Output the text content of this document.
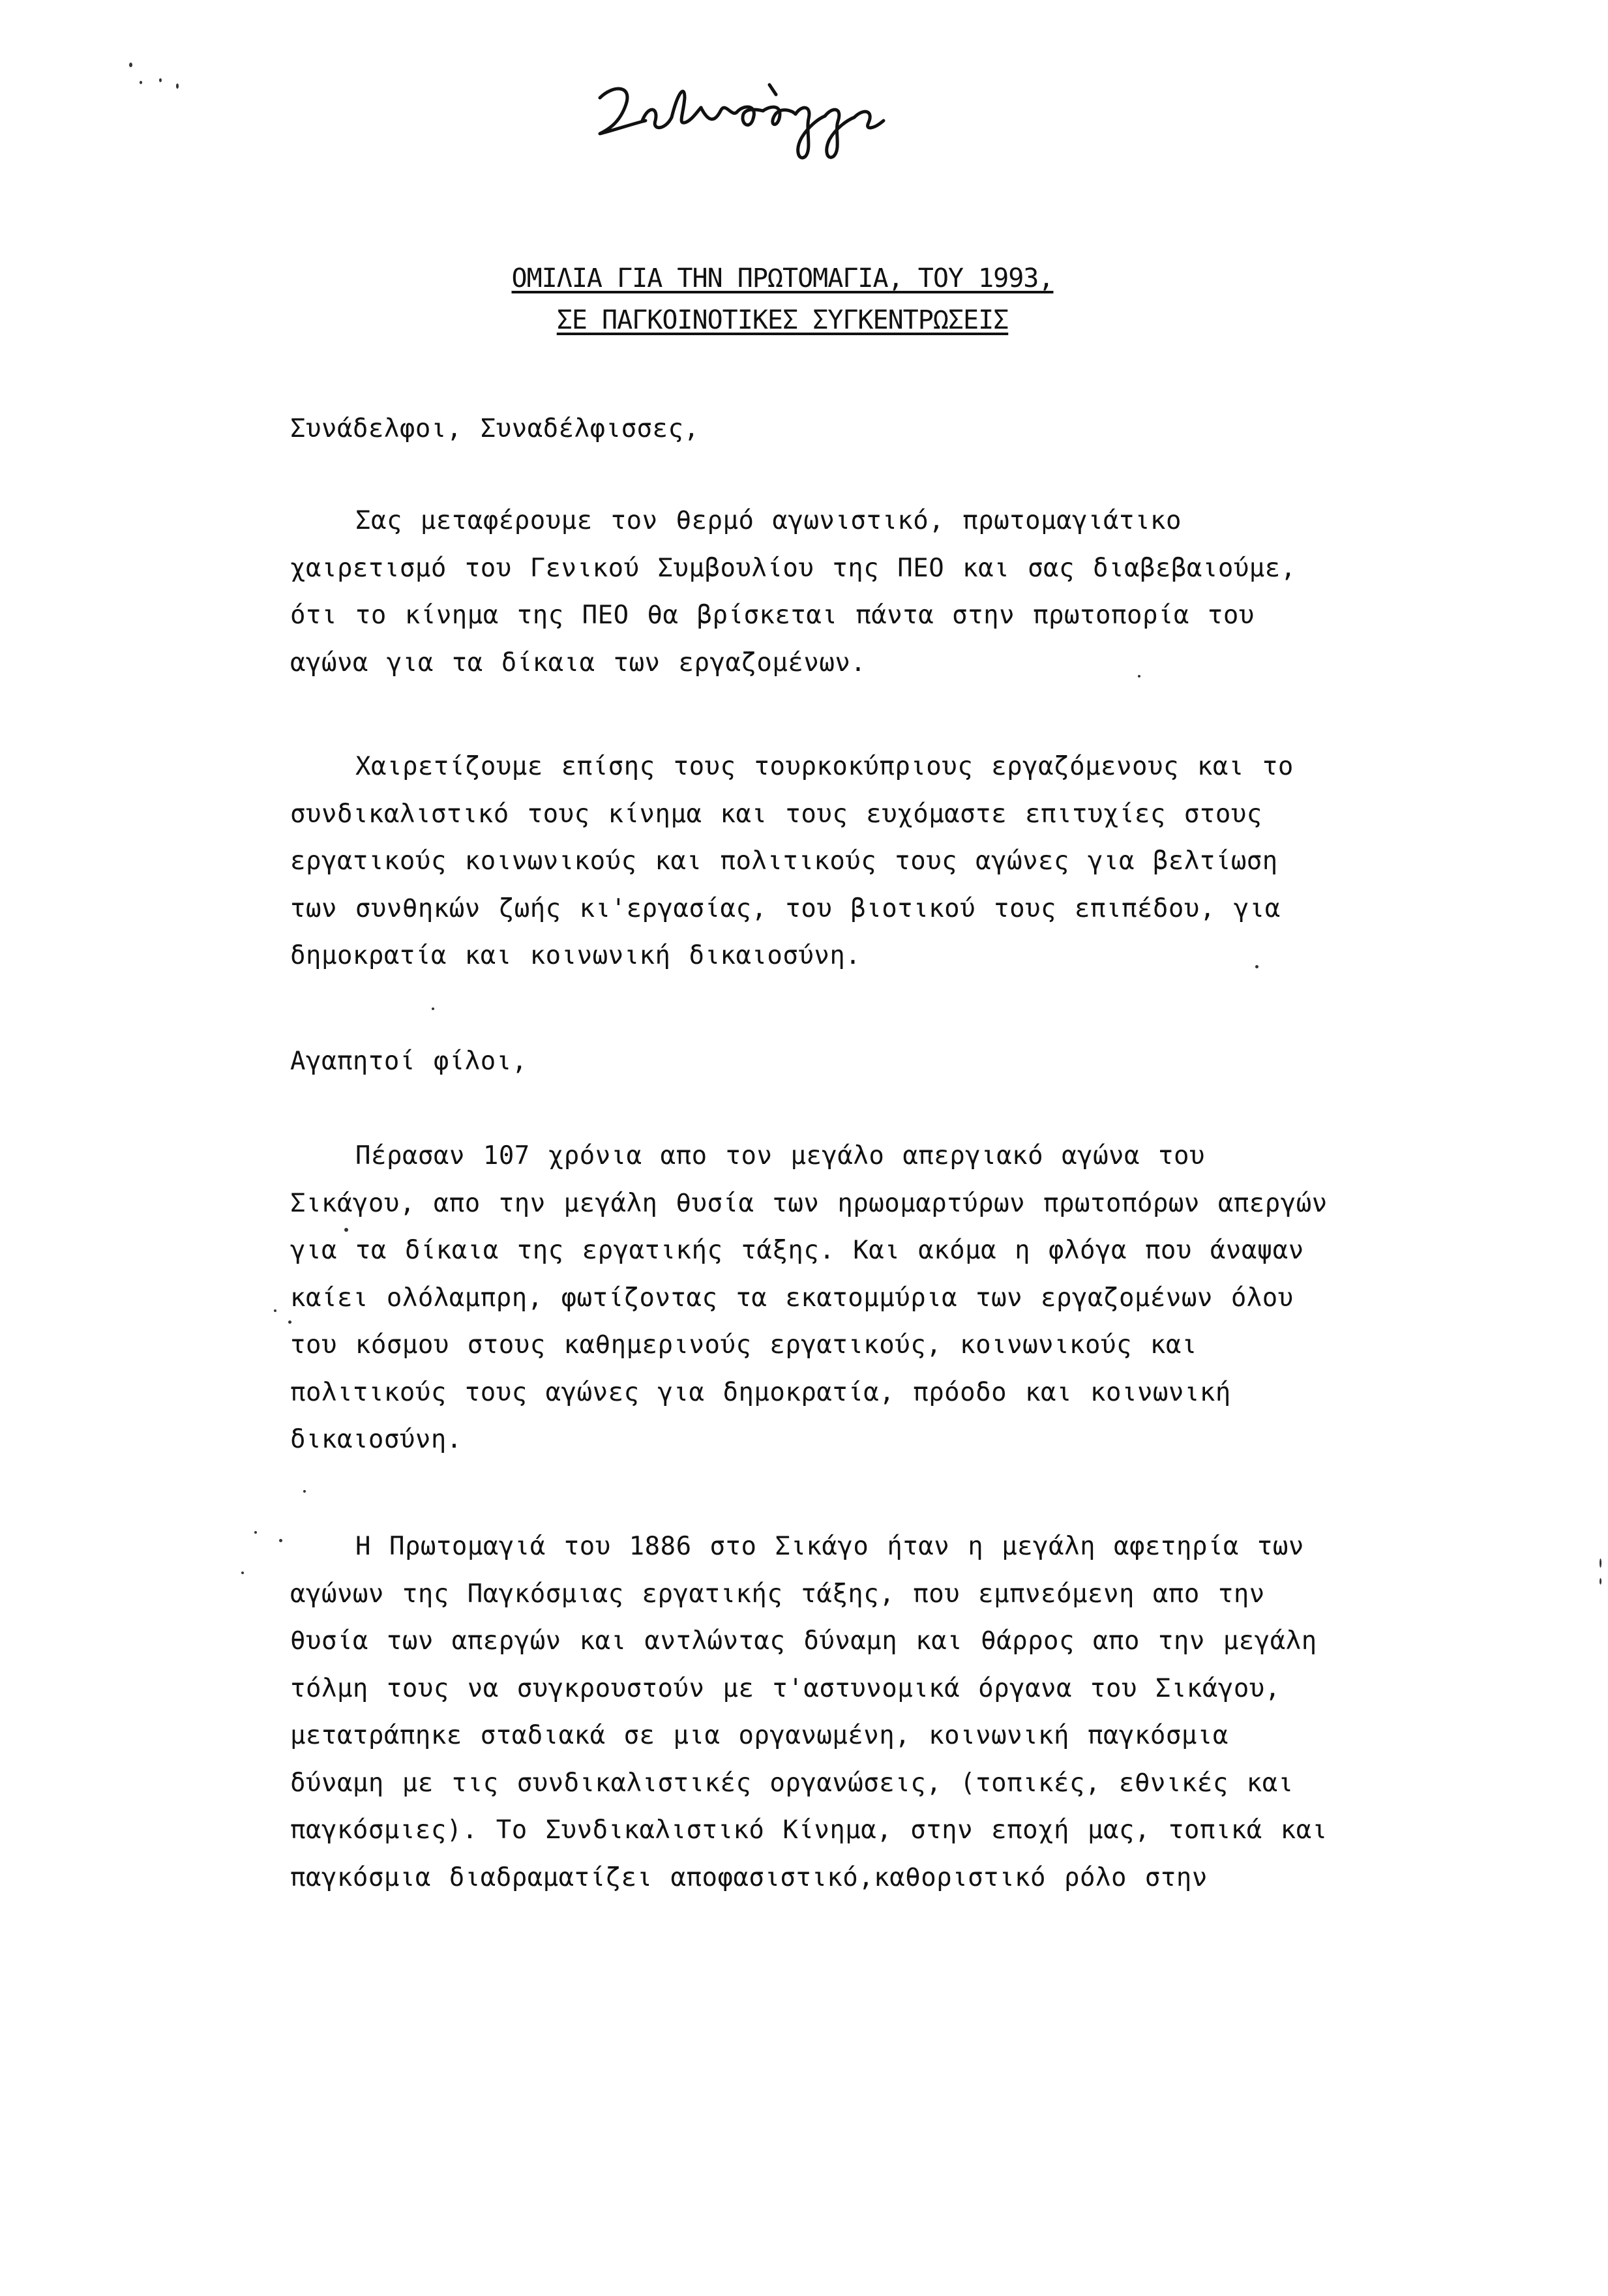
ΟΜΙΛΙΑ ΓΙΑ ΤΗΝ ΠΡΩΤΟΜΑΓΙΑ, ΤΟΥ 1993,
ΣΕ ΠΑΓΚΟΙΝΟΤΙΚΕΣ ΣΥΓΚΕΝΤΡΩΣΕΙΣ
Συνάδελφοι, Συναδέλφισσες,
Σας μεταφέρουμε τον θερμό αγωνιστικό, πρωτομαγιάτικο
χαιρετισμό του Γενικού Συμβουλίου της ΠΕΟ και σας διαβεβαιούμε,
ότι το κίνημα της ΠΕΟ θα βρίσκεται πάντα στην πρωτοπορία του
αγώνα για τα δίκαια των εργαζομένων.
Χαιρετίζουμε επίσης τους τουρκοκύπριους εργαζόμενους και το
συνδικαλιστικό τους κίνημα και τους ευχόμαστε επιτυχίες στους
εργατικούς κοινωνικούς και πολιτικούς τους αγώνες για βελτίωση
των συνθηκών ζωής κι'εργασίας, του βιοτικού τους επιπέδου, για
δημοκρατία και κοινωνική δικαιοσύνη.
Αγαπητοί φίλοι,
Πέρασαν 107 χρόνια απο τον μεγάλο απεργιακό αγώνα του
Σικάγου, απο την μεγάλη θυσία των ηρωομαρτύρων πρωτοπόρων απεργών
για τα δίκαια της εργατικής τάξης. Και ακόμα η φλόγα που άναψαν
καίει ολόλαμπρη, φωτίζοντας τα εκατομμύρια των εργαζομένων όλου
του κόσμου στους καθημερινούς εργατικούς, κοινωνικούς και
πολιτικούς τους αγώνες για δημοκρατία, πρόοδο και κοινωνική
δικαιοσύνη.
Η Πρωτομαγιά του 1886 στο Σικάγο ήταν η μεγάλη αφετηρία των
αγώνων της Παγκόσμιας εργατικής τάξης, που εμπνεόμενη απο την
θυσία των απεργών και αντλώντας δύναμη και θάρρος απο την μεγάλη
τόλμη τους να συγκρουστούν με τ'αστυνομικά όργανα του Σικάγου,
μετατράπηκε σταδιακά σε μια οργανωμένη, κοινωνική παγκόσμια
δύναμη με τις συνδικαλιστικές οργανώσεις, (τοπικές, εθνικές και
παγκόσμιες). Το Συνδικαλιστικό Κίνημα, στην εποχή μας, τοπικά και
παγκόσμια διαδραματίζει αποφασιστικό,καθοριστικό ρόλο στην
